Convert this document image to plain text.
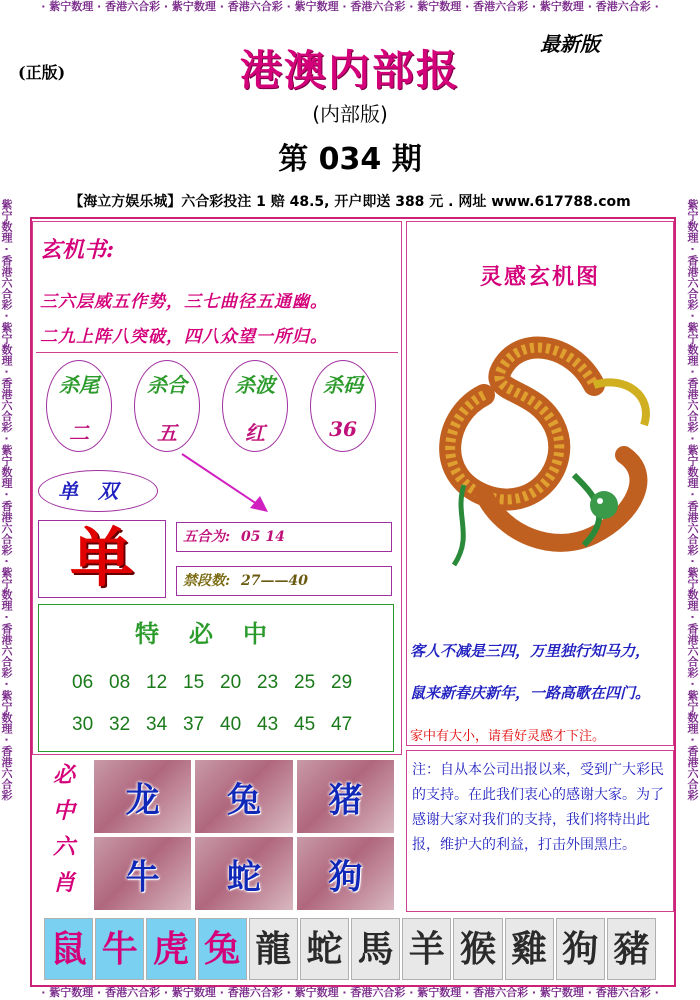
· 紫宁数理 · 香港六合彩 · 紫宁数理 · 香港六合彩 · 紫宁数理 · 香港六合彩 · 紫宁数理 · 香港六合彩 · 紫宁数理 · 香港六合彩 ·
· 紫宁数理 · 香港六合彩 · 紫宁数理 · 香港六合彩 · 紫宁数理 · 香港六合彩 · 紫宁数理 · 香港六合彩 · 紫宁数理 · 香港六合彩 ·
紫宁数理 · 香港六合彩 · 紫宁数理 · 香港六合彩 · 紫宁数理 · 香港六合彩 · 紫宁数理 · 香港六合彩 · 紫宁数理 · 香港六合彩	紫宁数理 · 香港六合彩 · 紫宁数理 · 香港六合彩 · 紫宁数理 · 香港六合彩 · 紫宁数理 · 香港六合彩 · 紫宁数理 · 香港六合彩
(正版)
最新版
港澳内部报
(内部版)
第 034 期
【海立方娱乐城】六合彩投注 1 赔 48.5, 开户即送 388 元 . 网址 www.617788.com
玄机书:
三六层威五作势，三七曲径五通幽。
二九上阵八突破，四八众望一所归。
杀尾
二
杀合
五
杀波
红
杀码
36
单双
单	五合为: 05 14
禁段数: 27——40
特必中
06 08 12 15 20 23 25 29
30 32 34 37 40 43 45 47
灵感玄机图
客人不减是三四，万里独行知马力，
鼠来新春庆新年，一路高歌在四门。
家中有大小，请看好灵感才下注。
注：自从本公司出报以来，受到广大彩民的支持。在此我们衷心的感谢大家。为了感谢大家对我们的支持，我们将特出此报，维护大的利益，打击外围黑庄。
必
中
六
肖
龙	兔	猪
牛	蛇	狗
鼠 牛 虎 兔 龍 蛇 馬 羊 猴 雞 狗 豬
